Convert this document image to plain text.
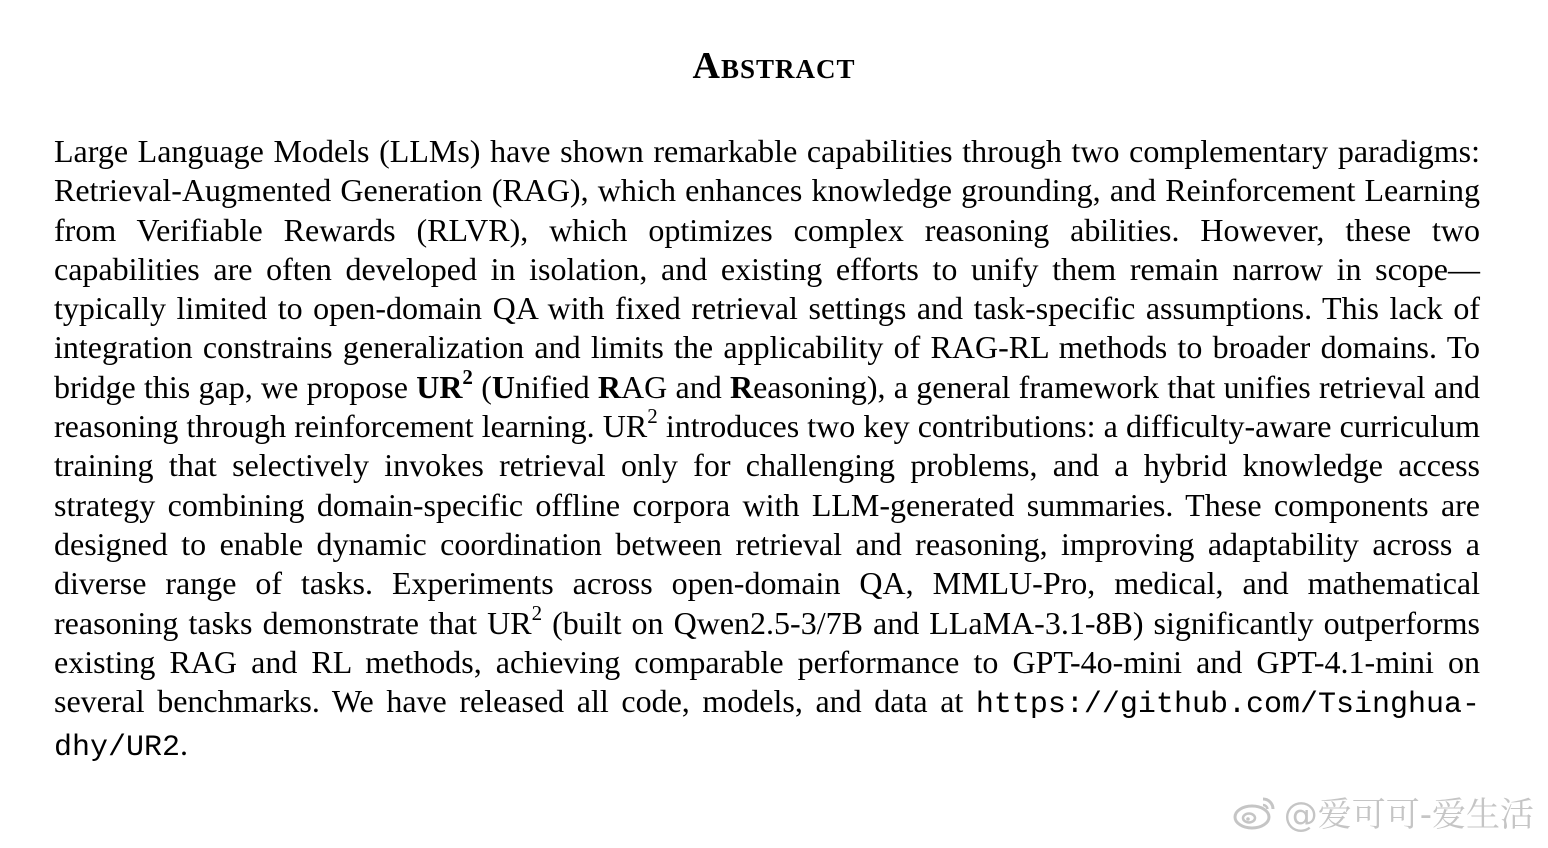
Abstract

Large Language Models (LLMs) have shown remarkable capabilities through two complementary paradigms: Retrieval-Augmented Generation (RAG), which enhances knowledge grounding, and Reinforcement Learning from Verifiable Rewards (RLVR), which optimizes complex reasoning abilities. However, these two capabilities are often developed in isolation, and existing efforts to unify them remain narrow in scope—typically limited to open-domain QA with fixed retrieval settings and task-specific assumptions. This lack of integration constrains generalization and limits the applicability of RAG-RL methods to broader domains. To bridge this gap, we propose $UR^2$ (Unified RAG and Reasoning), a general framework that unifies retrieval and reasoning through reinforcement learning. $UR^2$ introduces two key contributions: a difficulty-aware curriculum training that selectively invokes retrieval only for challenging problems, and a hybrid knowledge access strategy combining domain-specific offline corpora with LLM-generated summaries. These components are designed to enable dynamic coordination between retrieval and reasoning, improving adaptability across a diverse range of tasks. Experiments across open-domain QA, MMLU-Pro, medical, and mathematical reasoning tasks demonstrate that $UR^2$ (built on Qwen2.5-3/7B and LLaMA-3.1-8B) significantly outperforms existing RAG and RL methods, achieving comparable performance to GPT-4o-mini and GPT-4.1-mini on several benchmarks. We have released all code, models, and data at https://github.com/Tsinghua-dhy/UR2.

@爱可可-爱生活
